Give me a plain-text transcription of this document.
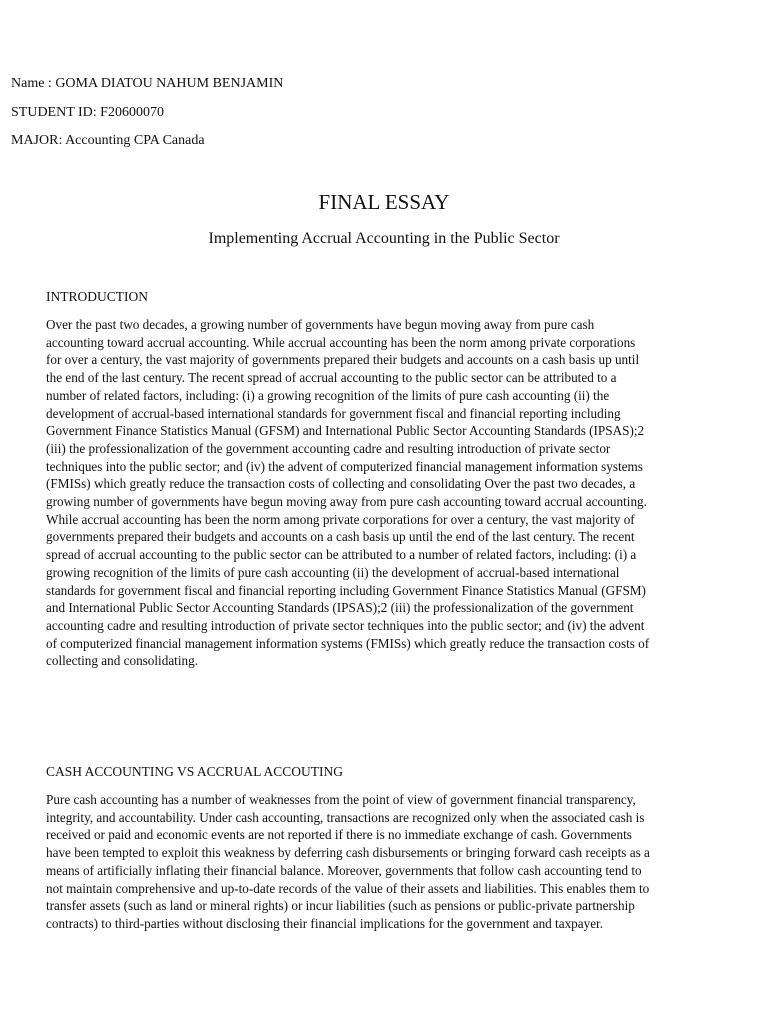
Name : GOMA DIATOU NAHUM BENJAMIN
STUDENT ID: F20600070
MAJOR: Accounting CPA Canada
FINAL ESSAY
Implementing Accrual Accounting in the Public Sector
INTRODUCTION

Over the past two decades, a growing number of governments have begun moving away from pure cash
accounting toward accrual accounting. While accrual accounting has been the norm among private corporations
for over a century, the vast majority of governments prepared their budgets and accounts on a cash basis up until
the end of the last century. The recent spread of accrual accounting to the public sector can be attributed to a
number of related factors, including: (i) a growing recognition of the limits of pure cash accounting (ii) the
development of accrual-based international standards for government fiscal and financial reporting including
Government Finance Statistics Manual (GFSM) and International Public Sector Accounting Standards (IPSAS);2
(iii) the professionalization of the government accounting cadre and resulting introduction of private sector
techniques into the public sector; and (iv) the advent of computerized financial management information systems
(FMISs) which greatly reduce the transaction costs of collecting and consolidating Over the past two decades, a
growing number of governments have begun moving away from pure cash accounting toward accrual accounting.
While accrual accounting has been the norm among private corporations for over a century, the vast majority of
governments prepared their budgets and accounts on a cash basis up until the end of the last century. The recent
spread of accrual accounting to the public sector can be attributed to a number of related factors, including: (i) a
growing recognition of the limits of pure cash accounting (ii) the development of accrual-based international
standards for government fiscal and financial reporting including Government Finance Statistics Manual (GFSM)
and International Public Sector Accounting Standards (IPSAS);2 (iii) the professionalization of the government
accounting cadre and resulting introduction of private sector techniques into the public sector; and (iv) the advent
of computerized financial management information systems (FMISs) which greatly reduce the transaction costs of
collecting and consolidating.

CASH ACCOUNTING VS ACCRUAL ACCOUTING

Pure cash accounting has a number of weaknesses from the point of view of government financial transparency,
integrity, and accountability. Under cash accounting, transactions are recognized only when the associated cash is
received or paid and economic events are not reported if there is no immediate exchange of cash. Governments
have been tempted to exploit this weakness by deferring cash disbursements or bringing forward cash receipts as a
means of artificially inflating their financial balance. Moreover, governments that follow cash accounting tend to
not maintain comprehensive and up-to-date records of the value of their assets and liabilities. This enables them to
transfer assets (such as land or mineral rights) or incur liabilities (such as pensions or public-private partnership
contracts) to third-parties without disclosing their financial implications for the government and taxpayer.
